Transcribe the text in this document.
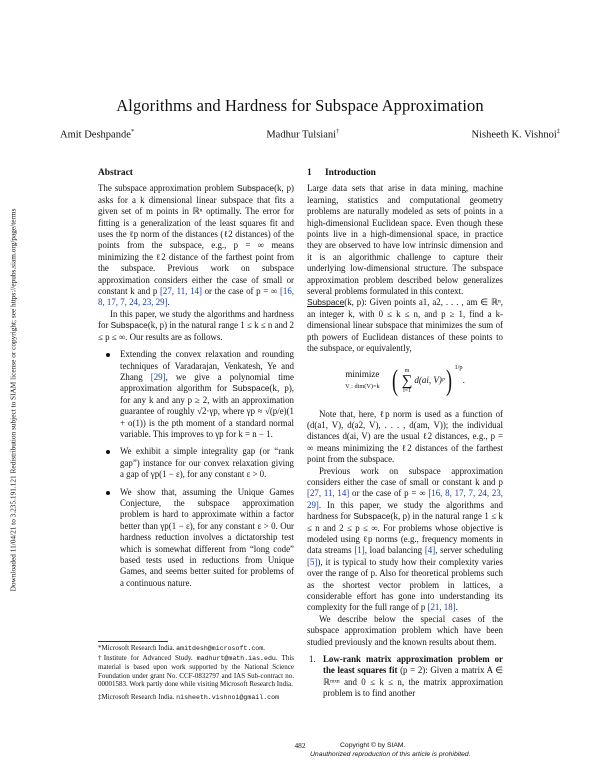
Downloaded 11/04/21 to 3.235.191.121 Redistribution subject to SIAM license or copyright; see https://epubs.siam.org/page/terms
Algorithms and Hardness for Subspace Approximation
Amit Deshpande*	Madhur Tulsiani†	Nisheeth K. Vishnoi‡
Abstract

The subspace approximation problem Subspace(k, p) asks for a k dimensional linear subspace that fits a given set of m points in ℝⁿ optimally. The error for fitting is a generalization of the least squares fit and uses the ℓp norm of the distances (ℓ2 distances) of the points from the subspace, e.g., p = ∞ means minimizing the ℓ2 distance of the farthest point from the subspace. Previous work on subspace approximation considers either the case of small or constant k and p [27, 11, 14] or the case of p = ∞ [16, 8, 17, 7, 24, 23, 29].

In this paper, we study the algorithms and hardness for Subspace(k, p) in the natural range 1 ≤ k ≤ n and 2 ≤ p ≤ ∞. Our results are as follows.

Extending the convex relaxation and rounding techniques of Varadarajan, Venkatesh, Ye and Zhang [29], we give a polynomial time approximation algorithm for Subspace(k, p), for any k and any p ≥ 2, with an approximation guarantee of roughly √2·γp, where γp ≈ √(p/e)(1 + o(1)) is the pth moment of a standard normal variable. This improves to γp for k = n − 1.
We exhibit a simple integrality gap (or “rank gap”) instance for our convex relaxation giving a gap of γp(1 − ε), for any constant ε > 0.
We show that, assuming the Unique Games Conjecture, the subspace approximation problem is hard to approximate within a factor better than γp(1 − ε), for any constant ε > 0. Our hardness reduction involves a dictatorship test which is somewhat different from “long code” based tests used in reductions from Unique Games, and seems better suited for problems of a continuous nature.
*Microsoft Research India. amitdesh@microsoft.com.
†Institute for Advanced Study. madhurt@math.ias.edu. This material is based upon work supported by the National Science Foundation under grant No. CCF-0832797 and IAS Sub-contract no. 00001583. Work partly done while visiting Microsoft Research India.
‡Microsoft Research India. nisheeth.vishnoi@gmail.com
1 Introduction

Large data sets that arise in data mining, machine learning, statistics and computational geometry problems are naturally modeled as sets of points in a high-dimensional Euclidean space. Even though these points live in a high-dimensional space, in practice they are observed to have low intrinsic dimension and it is an algorithmic challenge to capture their underlying low-dimensional structure. The subspace approximation problem described below generalizes several problems formulated in this context.

Subspace(k, p): Given points a1, a2, . . . , am ∈ ℝⁿ, an integer k, with 0 ≤ k ≤ n, and p ≥ 1, find a k-dimensional linear subspace that minimizes the sum of pth powers of Euclidean distances of these points to the subspace, or equivalently,

minimize
V : dim(V)=k ( m
∑
i=1
d(ai, V)ᵖ ) 1/p
.

Note that, here, ℓp norm is used as a function of (d(a1, V), d(a2, V), . . . , d(am, V)); the individual distances d(ai, V) are the usual ℓ2 distances, e.g., p = ∞ means minimizing the ℓ2 distances of the farthest point from the subspace.

Previous work on subspace approximation considers either the case of small or constant k and p [27, 11, 14] or the case of p = ∞ [16, 8, 17, 7, 24, 23, 29]. In this paper, we study the algorithms and hardness for Subspace(k, p) in the natural range 1 ≤ k ≤ n and 2 ≤ p ≤ ∞. For problems whose objective is modeled using ℓp norms (e.g., frequency moments in data streams [1], load balancing [4], server scheduling [5]), it is typical to study how their complexity varies over the range of p. Also for theoretical problems such as the shortest vector problem in lattices, a considerable effort has gone into understanding its complexity for the full range of p [21, 18].

We describe below the special cases of the subspace approximation problem which have been studied previously and the known results about them.

1. Low-rank matrix approximation problem or the least squares fit (p = 2): Given a matrix A ∈ ℝᵐˣⁿ and 0 ≤ k ≤ n, the matrix approximation problem is to find another
482	Copyright © by SIAM.
Unauthorized reproduction of this article is prohibited.
